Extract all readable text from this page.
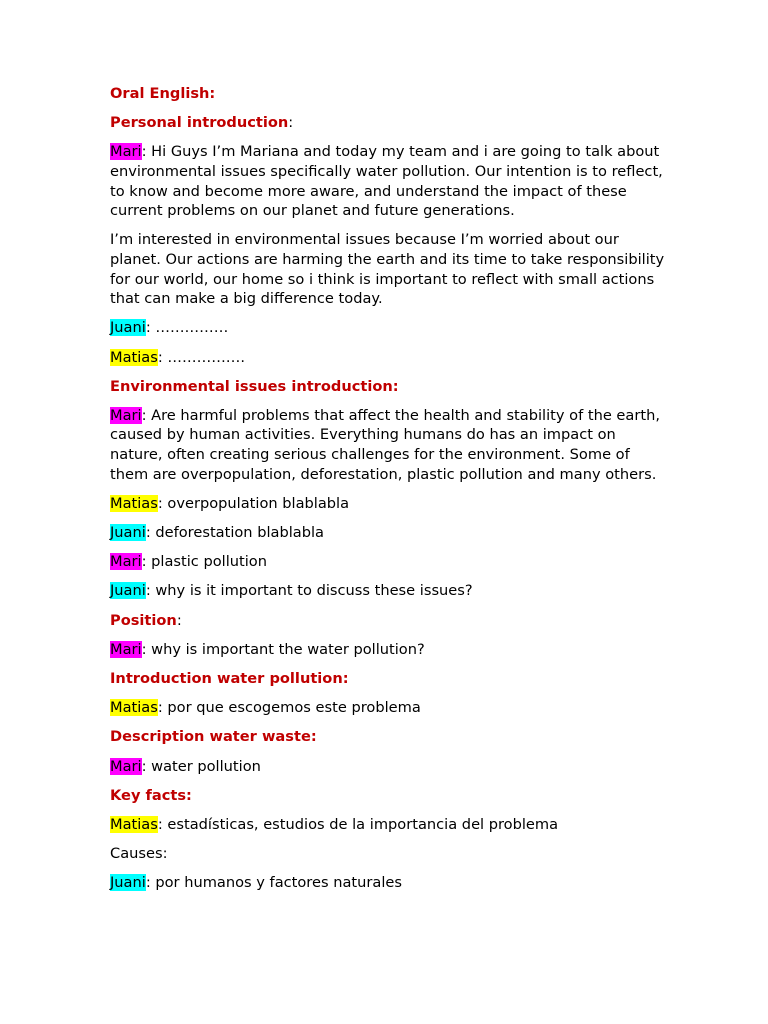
Oral English:

Personal introduction:

Mari: Hi Guys I’m Mariana and today my team and i are going to talk about environmental issues specifically water pollution. Our intention is to reflect, to know and become more aware, and understand the impact of these current problems on our planet and future generations.

I’m interested in environmental issues because I’m worried about our planet. Our actions are harming the earth and its time to take responsibility for our world, our home so i think is important to reflect with small actions that can make a big difference today.

Juani: ……………

Matias: …………….

Environmental issues introduction:

Mari: Are harmful problems that affect the health and stability of the earth, caused by human activities. Everything humans do has an impact on nature, often creating serious challenges for the environment. Some of them are overpopulation, deforestation, plastic pollution and many others.

Matias: overpopulation blablabla

Juani: deforestation blablabla

Mari: plastic pollution

Juani: why is it important to discuss these issues?

Position:

Mari: why is important the water pollution?

Introduction water pollution:

Matias: por que escogemos este problema

Description water waste:

Mari: water pollution

Key facts:

Matias: estadísticas, estudios de la importancia del problema

Causes:

Juani: por humanos y factores naturales
